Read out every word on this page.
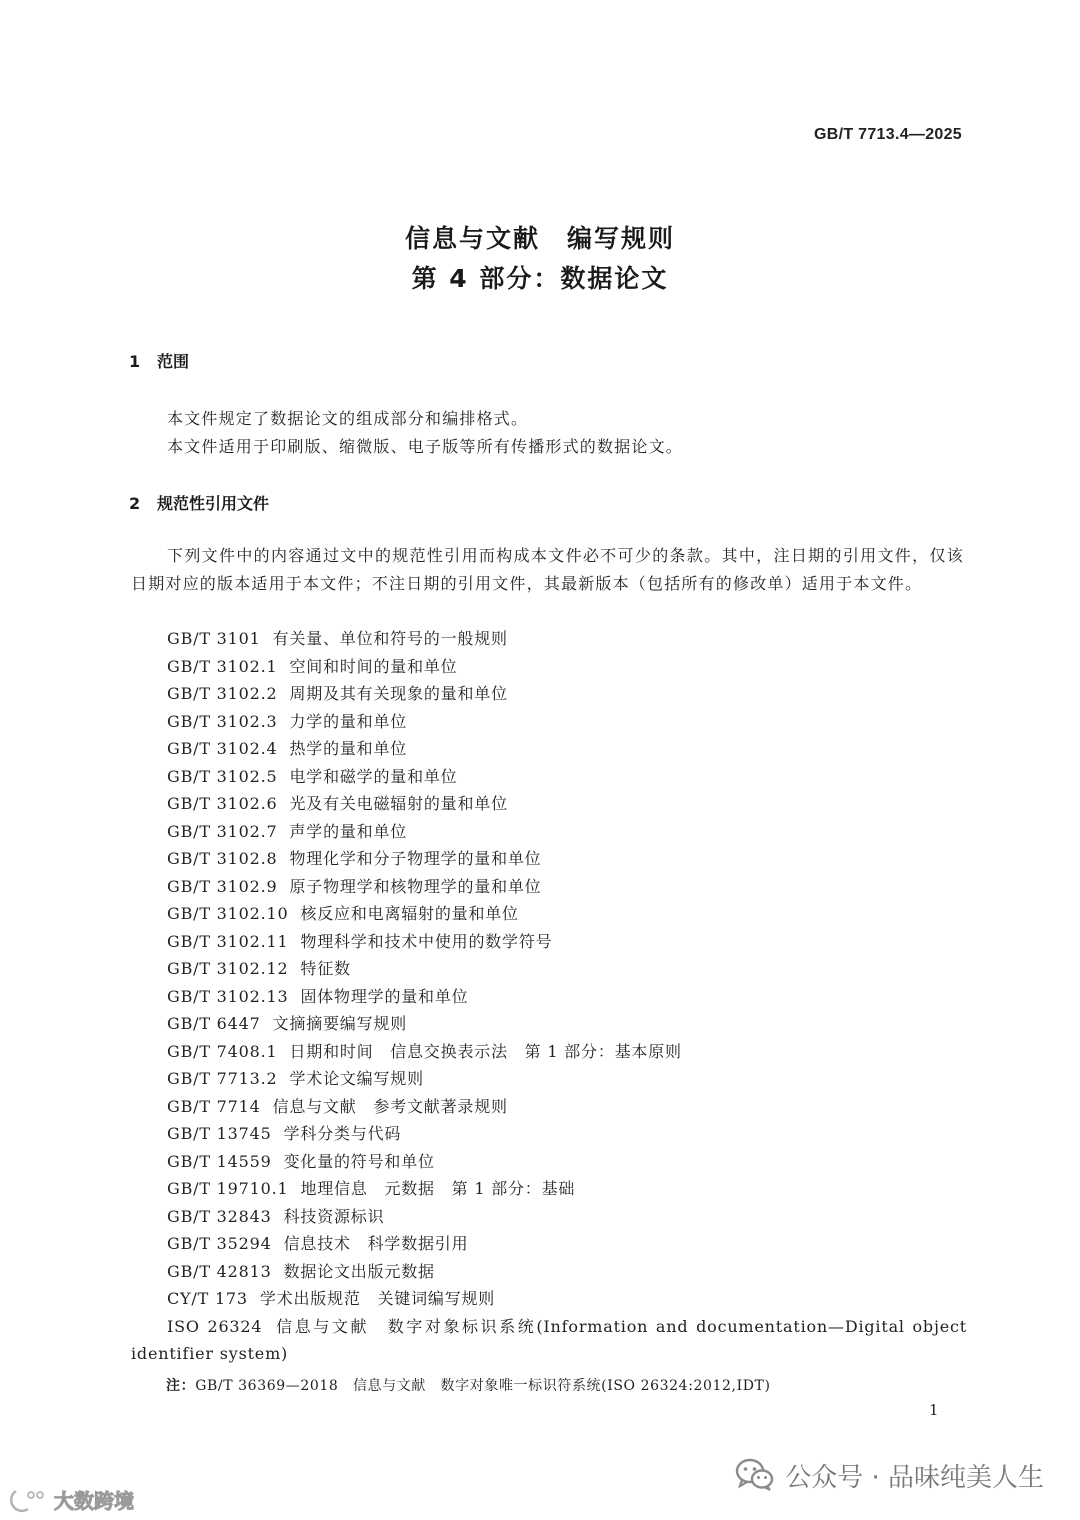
GB/T 7713.4—2025
信息与文献　编写规则
第 4 部分：数据论文
1 范围
本文件规定了数据论文的组成部分和编排格式。
本文件适用于印刷版、缩微版、电子版等所有传播形式的数据论文。
2 规范性引用文件
下列文件中的内容通过文中的规范性引用而构成本文件必不可少的条款。其中，注日期的引用文件，仅该日期对应的版本适用于本文件；不注日期的引用文件，其最新版本（包括所有的修改单）适用于本文件。
GB/T 3101 有关量、单位和符号的一般规则
GB/T 3102.1 空间和时间的量和单位
GB/T 3102.2 周期及其有关现象的量和单位
GB/T 3102.3 力学的量和单位
GB/T 3102.4 热学的量和单位
GB/T 3102.5 电学和磁学的量和单位
GB/T 3102.6 光及有关电磁辐射的量和单位
GB/T 3102.7 声学的量和单位
GB/T 3102.8 物理化学和分子物理学的量和单位
GB/T 3102.9 原子物理学和核物理学的量和单位
GB/T 3102.10 核反应和电离辐射的量和单位
GB/T 3102.11 物理科学和技术中使用的数学符号
GB/T 3102.12 特征数
GB/T 3102.13 固体物理学的量和单位
GB/T 6447 文摘摘要编写规则
GB/T 7408.1 日期和时间　信息交换表示法　第 1 部分：基本原则
GB/T 7713.2 学术论文编写规则
GB/T 7714 信息与文献　参考文献著录规则
GB/T 13745 学科分类与代码
GB/T 14559 变化量的符号和单位
GB/T 19710.1 地理信息　元数据　第 1 部分：基础
GB/T 32843 科技资源标识
GB/T 35294 信息技术　科学数据引用
GB/T 42813 数据论文出版元数据
CY/T 173 学术出版规范　关键词编写规则
ISO 26324 信息与文献　数字对象标识系统(Information and documentation—Digital object identifier system)
注：GB/T 36369—2018　信息与文献　数字对象唯一标识符系统(ISO 26324:2012,IDT)
1
公众号 · 品味纯美人生
大数跨境
